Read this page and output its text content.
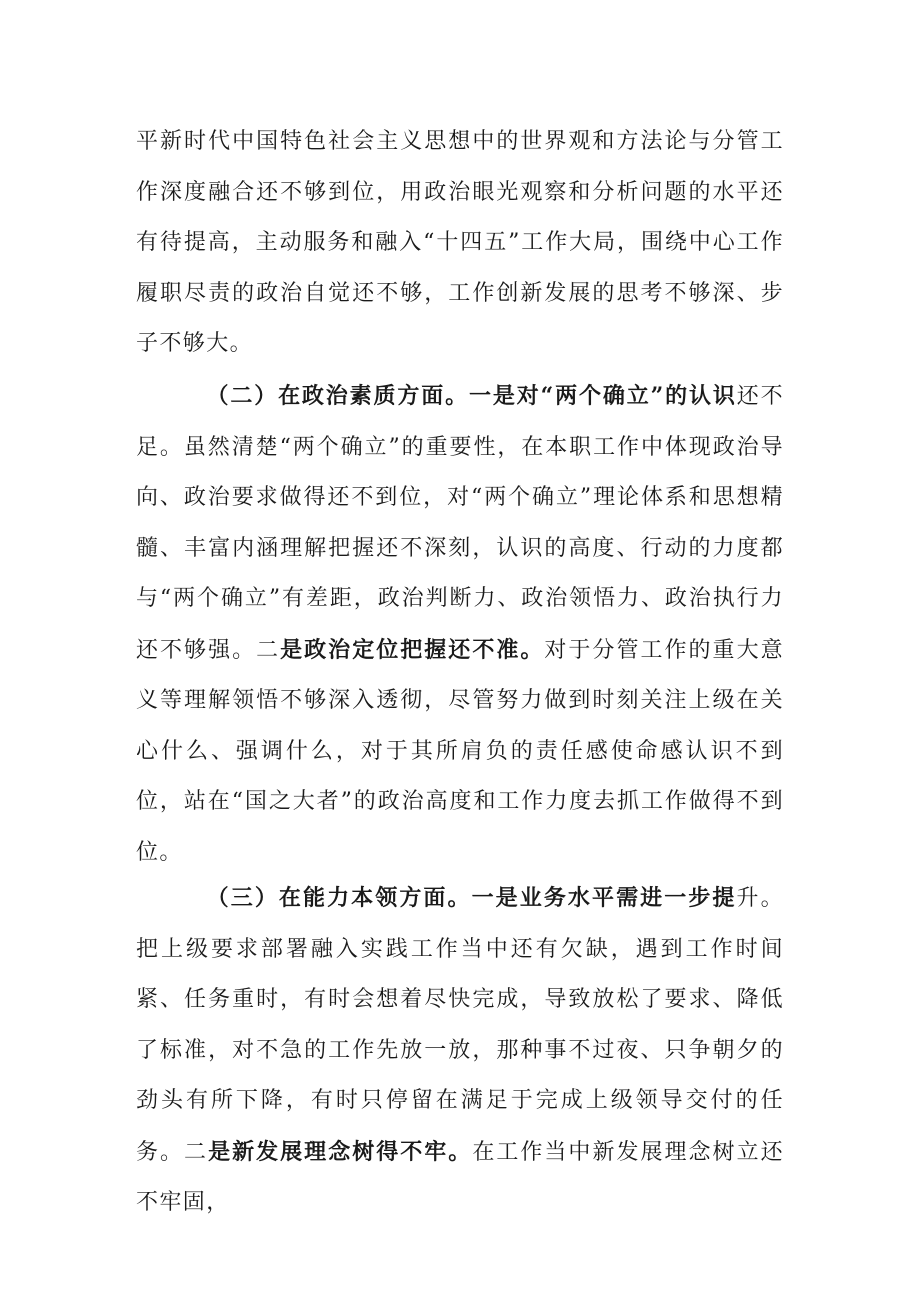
平新时代中国特色社会主义思想中的世界观和方法论与分管工作深度融合还不够到位，用政治眼光观察和分析问题的水平还有待提高，主动服务和融入“十四五”工作大局，围绕中心工作履职尽责的政治自觉还不够，工作创新发展的思考不够深、步子不够大。

（二）在政治素质方面。一是对“两个确立”的认识还不足。虽然清楚“两个确立”的重要性，在本职工作中体现政治导向、政治要求做得还不到位，对“两个确立”理论体系和思想精髓、丰富内涵理解把握还不深刻，认识的高度、行动的力度都与“两个确立”有差距，政治判断力、政治领悟力、政治执行力还不够强。二是政治定位把握还不准。对于分管工作的重大意义等理解领悟不够深入透彻，尽管努力做到时刻关注上级在关心什么、强调什么，对于其所肩负的责任感使命感认识不到位，站在“国之大者”的政治高度和工作力度去抓工作做得不到位。

（三）在能力本领方面。一是业务水平需进一步提升。把上级要求部署融入实践工作当中还有欠缺，遇到工作时间紧、任务重时，有时会想着尽快完成，导致放松了要求、降低了标准，对不急的工作先放一放，那种事不过夜、只争朝夕的劲头有所下降，有时只停留在满足于完成上级领导交付的任务。二是新发展理念树得不牢。在工作当中新发展理念树立还不牢固，
